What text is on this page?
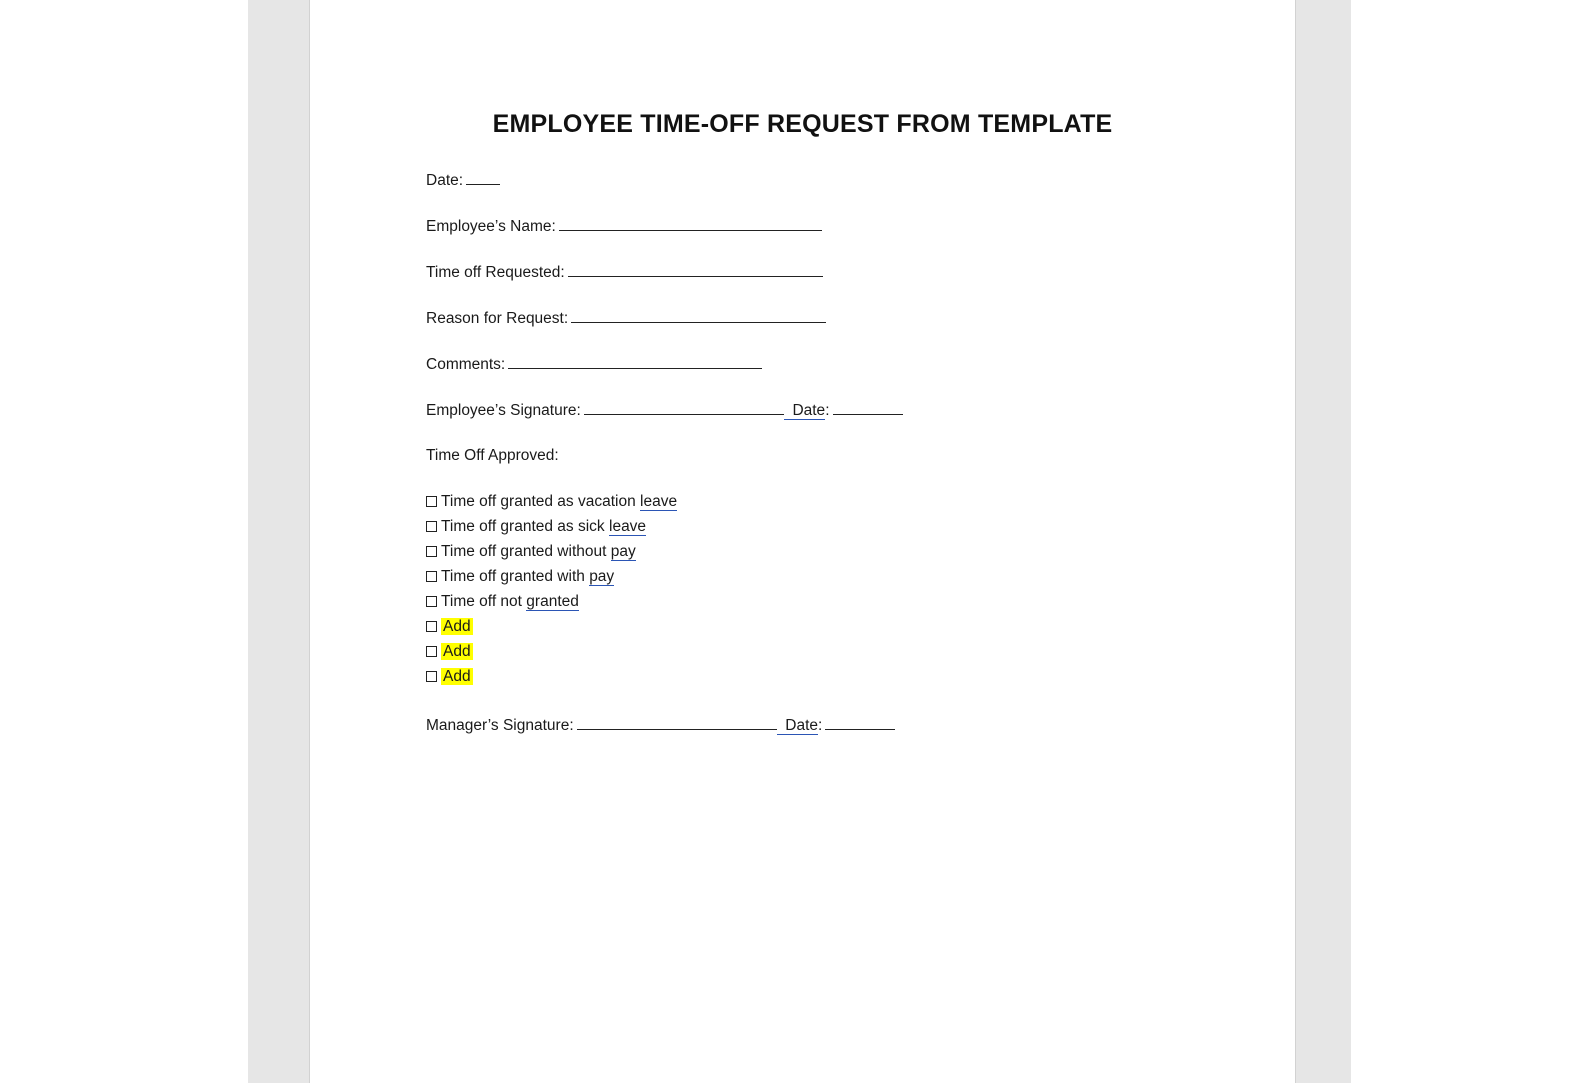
EMPLOYEE TIME-OFF REQUEST FROM TEMPLATE
Date:
Employee’s Name:
Time off Requested:
Reason for Request:
Comments:
Employee’s Signature:	Date:
Time Off Approved:
Time off granted as vacation leave
Time off granted as sick leave
Time off granted without pay
Time off granted with pay
Time off not granted
Add
Add
Add
Manager’s Signature:	Date:
